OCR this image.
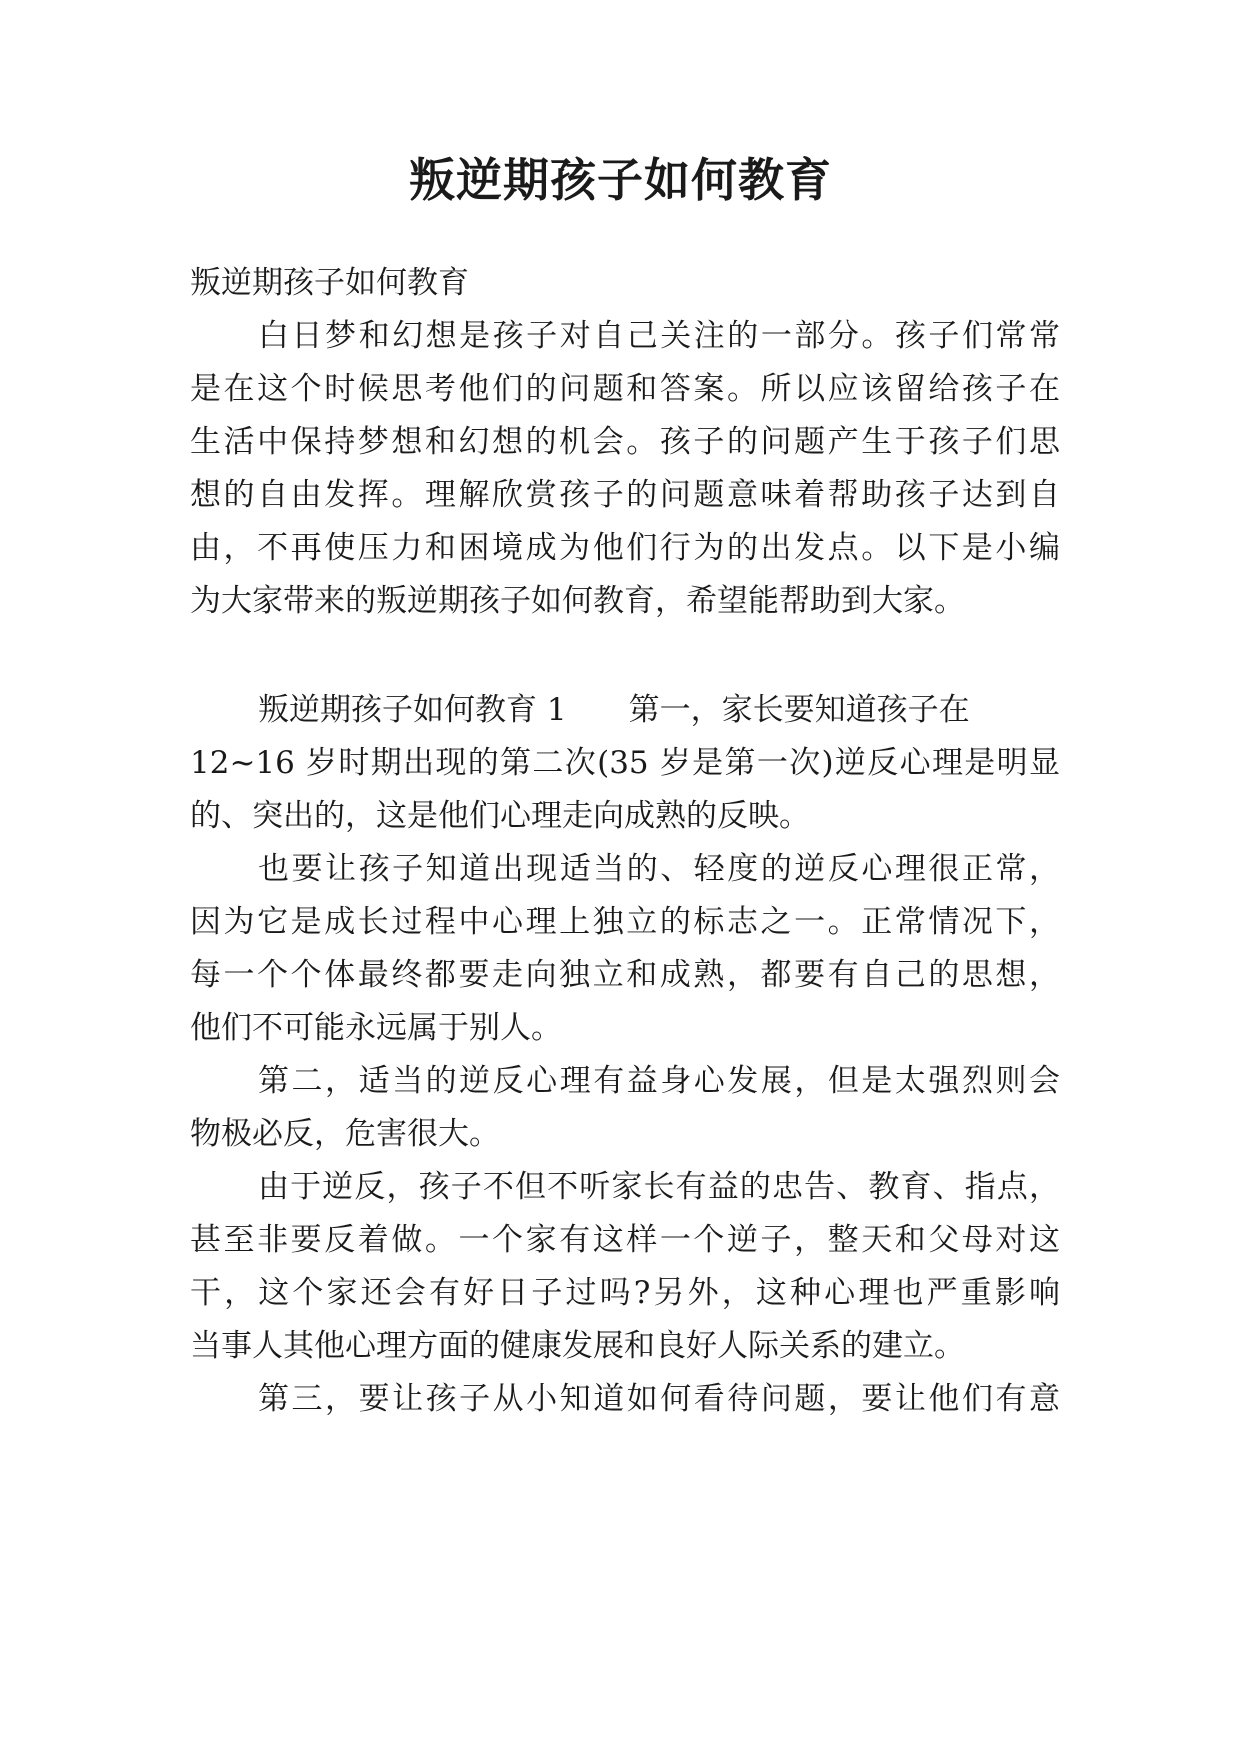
叛逆期孩子如何教育
叛逆期孩子如何教育
白日梦和幻想是孩子对自己关注的一部分。孩子们常常
是在这个时候思考他们的问题和答案。所以应该留给孩子在
生活中保持梦想和幻想的机会。孩子的问题产生于孩子们思
想的自由发挥。理解欣赏孩子的问题意味着帮助孩子达到自
由，不再使压力和困境成为他们行为的出发点。以下是小编
为大家带来的叛逆期孩子如何教育，希望能帮助到大家。
叛逆期孩子如何教育 1　　第一，家长要知道孩子在
12~16 岁时期出现的第二次(35 岁是第一次)逆反心理是明显
的、突出的，这是他们心理走向成熟的反映。
也要让孩子知道出现适当的、轻度的逆反心理很正常，
因为它是成长过程中心理上独立的标志之一。正常情况下，
每一个个体最终都要走向独立和成熟，都要有自己的思想，
他们不可能永远属于别人。
第二，适当的逆反心理有益身心发展，但是太强烈则会
物极必反，危害很大。
由于逆反，孩子不但不听家长有益的忠告、教育、指点，
甚至非要反着做。一个家有这样一个逆子，整天和父母对这
干，这个家还会有好日子过吗?另外，这种心理也严重影响
当事人其他心理方面的健康发展和良好人际关系的建立。
第三，要让孩子从小知道如何看待问题，要让他们有意
